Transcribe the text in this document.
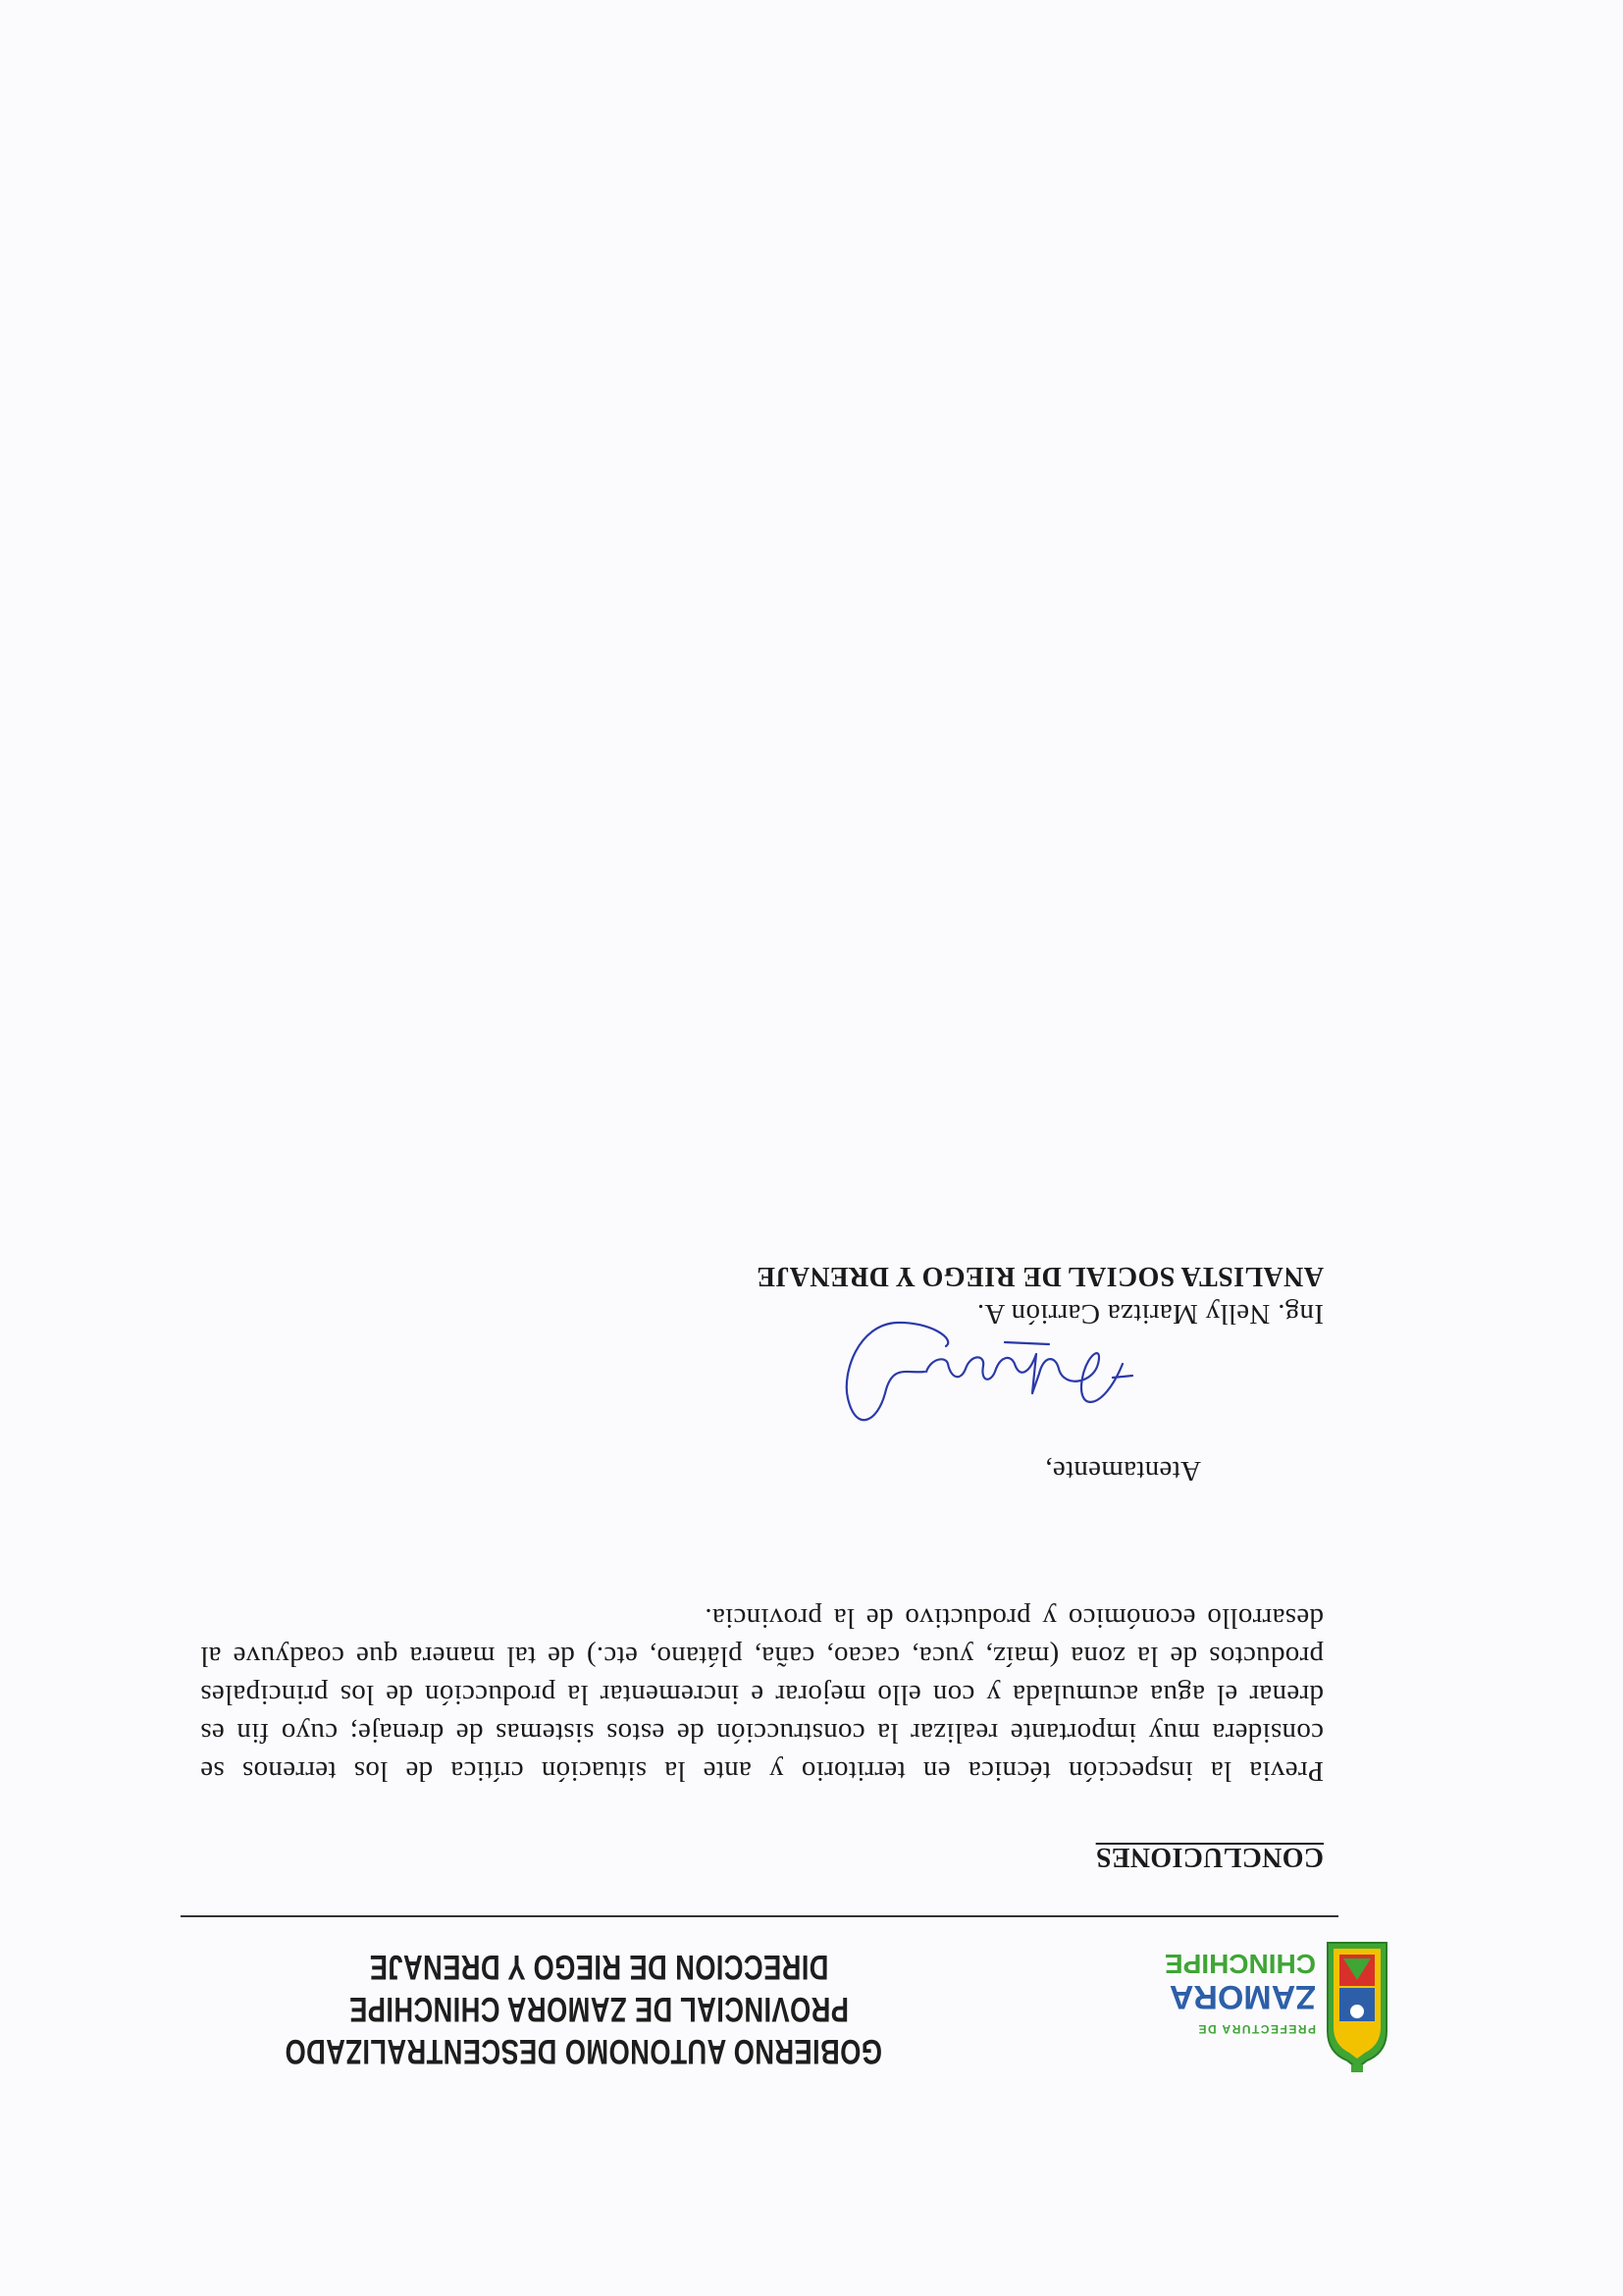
PREFECTURA DE
ZAMORA
CHINCHIPE
GOBIERNO AUTONOMO DESCENTRALIZADO
PROVINCIAL DE ZAMORA CHINCHIPE
DIRECCION DE RIEGO Y DRENAJE

CONCLUCIONES

Previa la inspección técnica en territorio y ante la situación crítica de los terrenos se considera muy importante realizar la construcción de estos sistemas de drenaje; cuyo fin es drenar el agua acumulada y con ello mejorar e incrementar la producción de los principales productos de la zona (maíz, yuca, cacao, caña, plátano, etc.) de tal manera que coadyuve al desarrollo económico y productivo de la provincia.

Atentamente,

Ing. Nelly Maritza Carrión A.

ANALISTA SOCIAL DE RIEGO Y DRENAJE
